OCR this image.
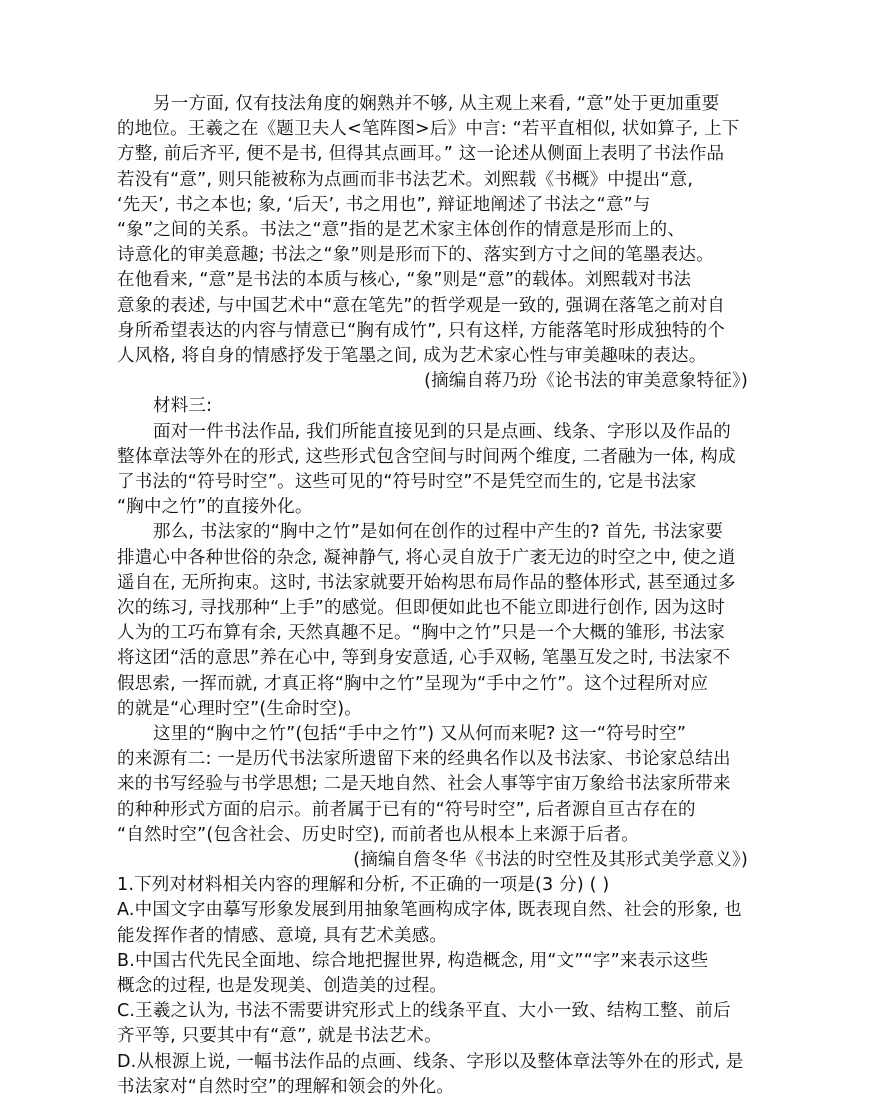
另一方面, 仅有技法角度的娴熟并不够, 从主观上来看, “意”处于更加重要
的地位。王羲之在《题卫夫人<笔阵图>后》中言: “若平直相似, 状如算子, 上下
方整, 前后齐平, 便不是书, 但得其点画耳。” 这一论述从侧面上表明了书法作品
若没有“意”, 则只能被称为点画而非书法艺术。刘熙载《书概》中提出“意,
‘先天’, 书之本也; 象, ‘后天’, 书之用也”, 辩证地阐述了书法之“意”与
“象”之间的关系。书法之“意”指的是艺术家主体创作的情意是形而上的、
诗意化的审美意趣; 书法之“象”则是形而下的、落实到方寸之间的笔墨表达。
在他看来, “意”是书法的本质与核心, “象”则是“意”的载体。刘熙载对书法
意象的表述, 与中国艺术中“意在笔先”的哲学观是一致的, 强调在落笔之前对自
身所希望表达的内容与情意已“胸有成竹”, 只有这样, 方能落笔时形成独特的个
人风格, 将自身的情感抒发于笔墨之间, 成为艺术家心性与审美趣味的表达。
(摘编自蒋乃玢《论书法的审美意象特征》)
材料三:
面对一件书法作品, 我们所能直接见到的只是点画、线条、字形以及作品的
整体章法等外在的形式, 这些形式包含空间与时间两个维度, 二者融为一体, 构成
了书法的“符号时空”。这些可见的“符号时空”不是凭空而生的, 它是书法家
“胸中之竹”的直接外化。
那么, 书法家的“胸中之竹”是如何在创作的过程中产生的? 首先, 书法家要
排遣心中各种世俗的杂念, 凝神静气, 将心灵自放于广袤无边的时空之中, 使之逍
遥自在, 无所拘束。这时, 书法家就要开始构思布局作品的整体形式, 甚至通过多
次的练习, 寻找那种“上手”的感觉。但即便如此也不能立即进行创作, 因为这时
人为的工巧布算有余, 天然真趣不足。“胸中之竹”只是一个大概的雏形, 书法家
将这团“活的意思”养在心中, 等到身安意适, 心手双畅, 笔墨互发之时, 书法家不
假思索, 一挥而就, 才真正将“胸中之竹”呈现为“手中之竹”。这个过程所对应
的就是“心理时空”(生命时空)。
这里的“胸中之竹”(包括“手中之竹”) 又从何而来呢? 这一“符号时空”
的来源有二: 一是历代书法家所遗留下来的经典名作以及书法家、书论家总结出
来的书写经验与书学思想; 二是天地自然、社会人事等宇宙万象给书法家所带来
的种种形式方面的启示。前者属于已有的“符号时空”, 后者源自亘古存在的
“自然时空”(包含社会、历史时空), 而前者也从根本上来源于后者。
(摘编自詹冬华《书法的时空性及其形式美学意义》)
1.下列对材料相关内容的理解和分析, 不正确的一项是(3 分) ( )
A.中国文字由摹写形象发展到用抽象笔画构成字体, 既表现自然、社会的形象, 也
能发挥作者的情感、意境, 具有艺术美感。
B.中国古代先民全面地、综合地把握世界, 构造概念, 用“文”“字”来表示这些
概念的过程, 也是发现美、创造美的过程。
C.王羲之认为, 书法不需要讲究形式上的线条平直、大小一致、结构工整、前后
齐平等, 只要其中有“意”, 就是书法艺术。
D.从根源上说, 一幅书法作品的点画、线条、字形以及整体章法等外在的形式, 是
书法家对“自然时空”的理解和领会的外化。
